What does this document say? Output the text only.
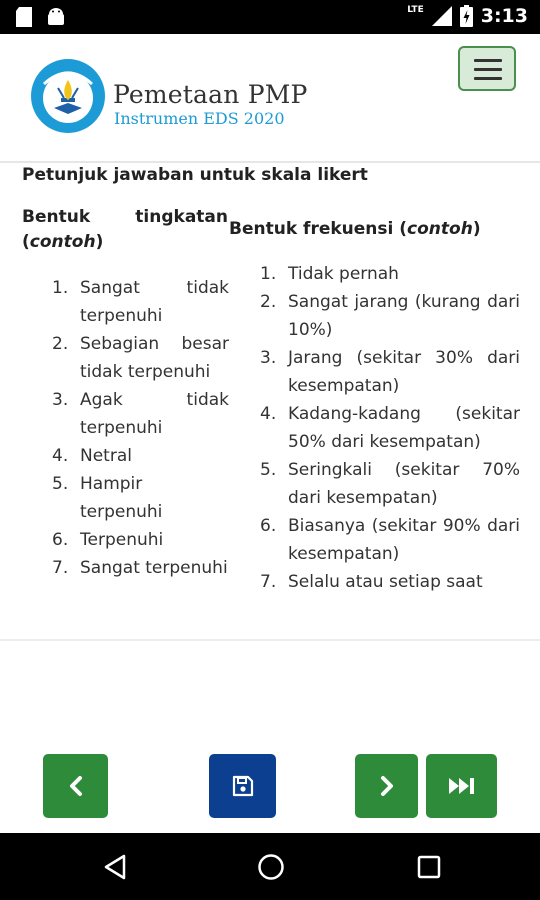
LTE	3:13
Pemetaan PMP
Instrumen EDS 2020
Petunjuk jawaban untuk skala likert
Bentuk tingkatan (contoh)
Bentuk frekuensi (contoh)
1. Sangat tidak terpenuhi
2. Sebagian besar tidak terpenuhi
3. Agak tidak terpenuhi
4. Netral
5. Hampir terpenuhi
6. Terpenuhi
7. Sangat terpenuhi
1. Tidak pernah
2. Sangat jarang (kurang dari 10%)
3. Jarang (sekitar 30% dari kesempatan)
4. Kadang-kadang (sekitar 50% dari kesempatan)
5. Seringkali (sekitar 70% dari kesempatan)
6. Biasanya (sekitar 90% dari kesempatan)
7. Selalu atau setiap saat
